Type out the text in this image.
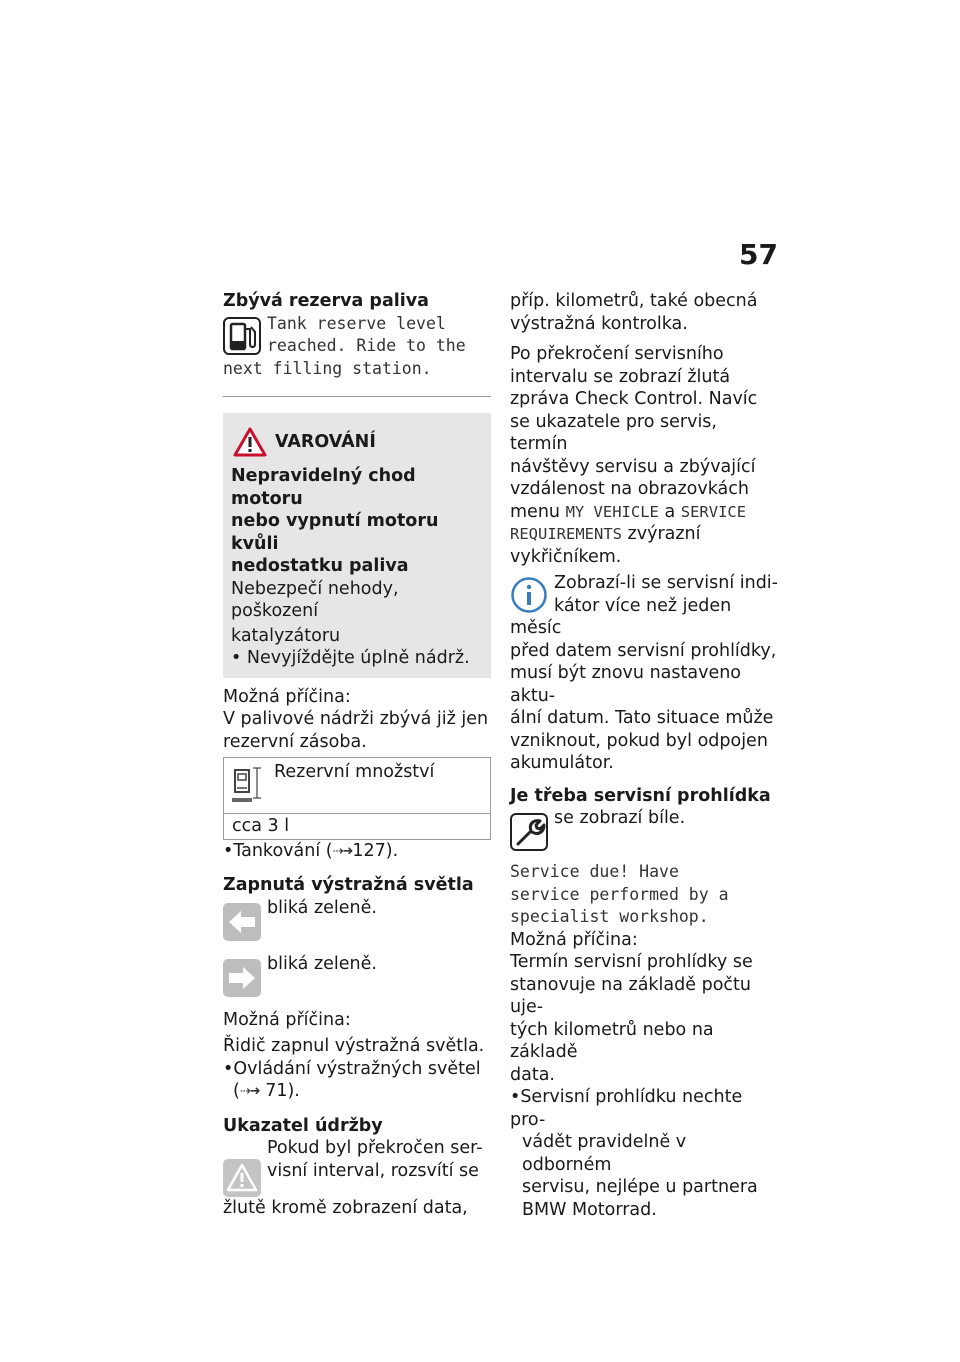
57
Zbývá rezerva paliva
Tank reserve level
reached. Ride to the
next filling station.
VAROVÁNÍ

Nepravidelný chod motoru

nebo vypnutí motoru kvůli

nedostatku paliva

Nebezpečí nehody, poškození

katalyzátoru

• Nevyjíždějte úplně nádrž.

Možná příčina:

V palivové nádrži zbývá již jen

rezervní zásoba.

Rezervní množství
cca 3 l

•Tankování (⇢➜127).

Zapnutá výstražná světla

bliká zeleně.

bliká zeleně.

Možná příčina:

Řidič zapnul výstražná světla.

•Ovládání výstražných světel

(⇢➜ 71).

Ukazatel údržby

Pokud byl překročen ser-

visní interval, rozsvítí se

žlutě kromě zobrazení data,

příp. kilometrů, také obecná

výstražná kontrolka.

Po překročení servisního

intervalu se zobrazí žlutá

zpráva Check Control. Navíc

se ukazatele pro servis, termín

návštěvy servisu a zbývající

vzdálenost na obrazovkách

menu MY VEHICLE a SERVICE

REQUIREMENTS zvýrazní

vykřičníkem.

Zobrazí-li se servisní indi-

kátor více než jeden měsíc

před datem servisní prohlídky,

musí být znovu nastaveno aktu-

ální datum. Tato situace může

vzniknout, pokud byl odpojen

akumulátor.

Je třeba servisní prohlídka

se zobrazí bíle.

Service due! Have
service performed by a
specialist workshop.

Možná příčina:

Termín servisní prohlídky se

stanovuje na základě počtu uje-

tých kilometrů nebo na základě

data.

•Servisní prohlídku nechte pro-

vádět pravidelně v odborném

servisu, nejlépe u partnera

BMW Motorrad.
